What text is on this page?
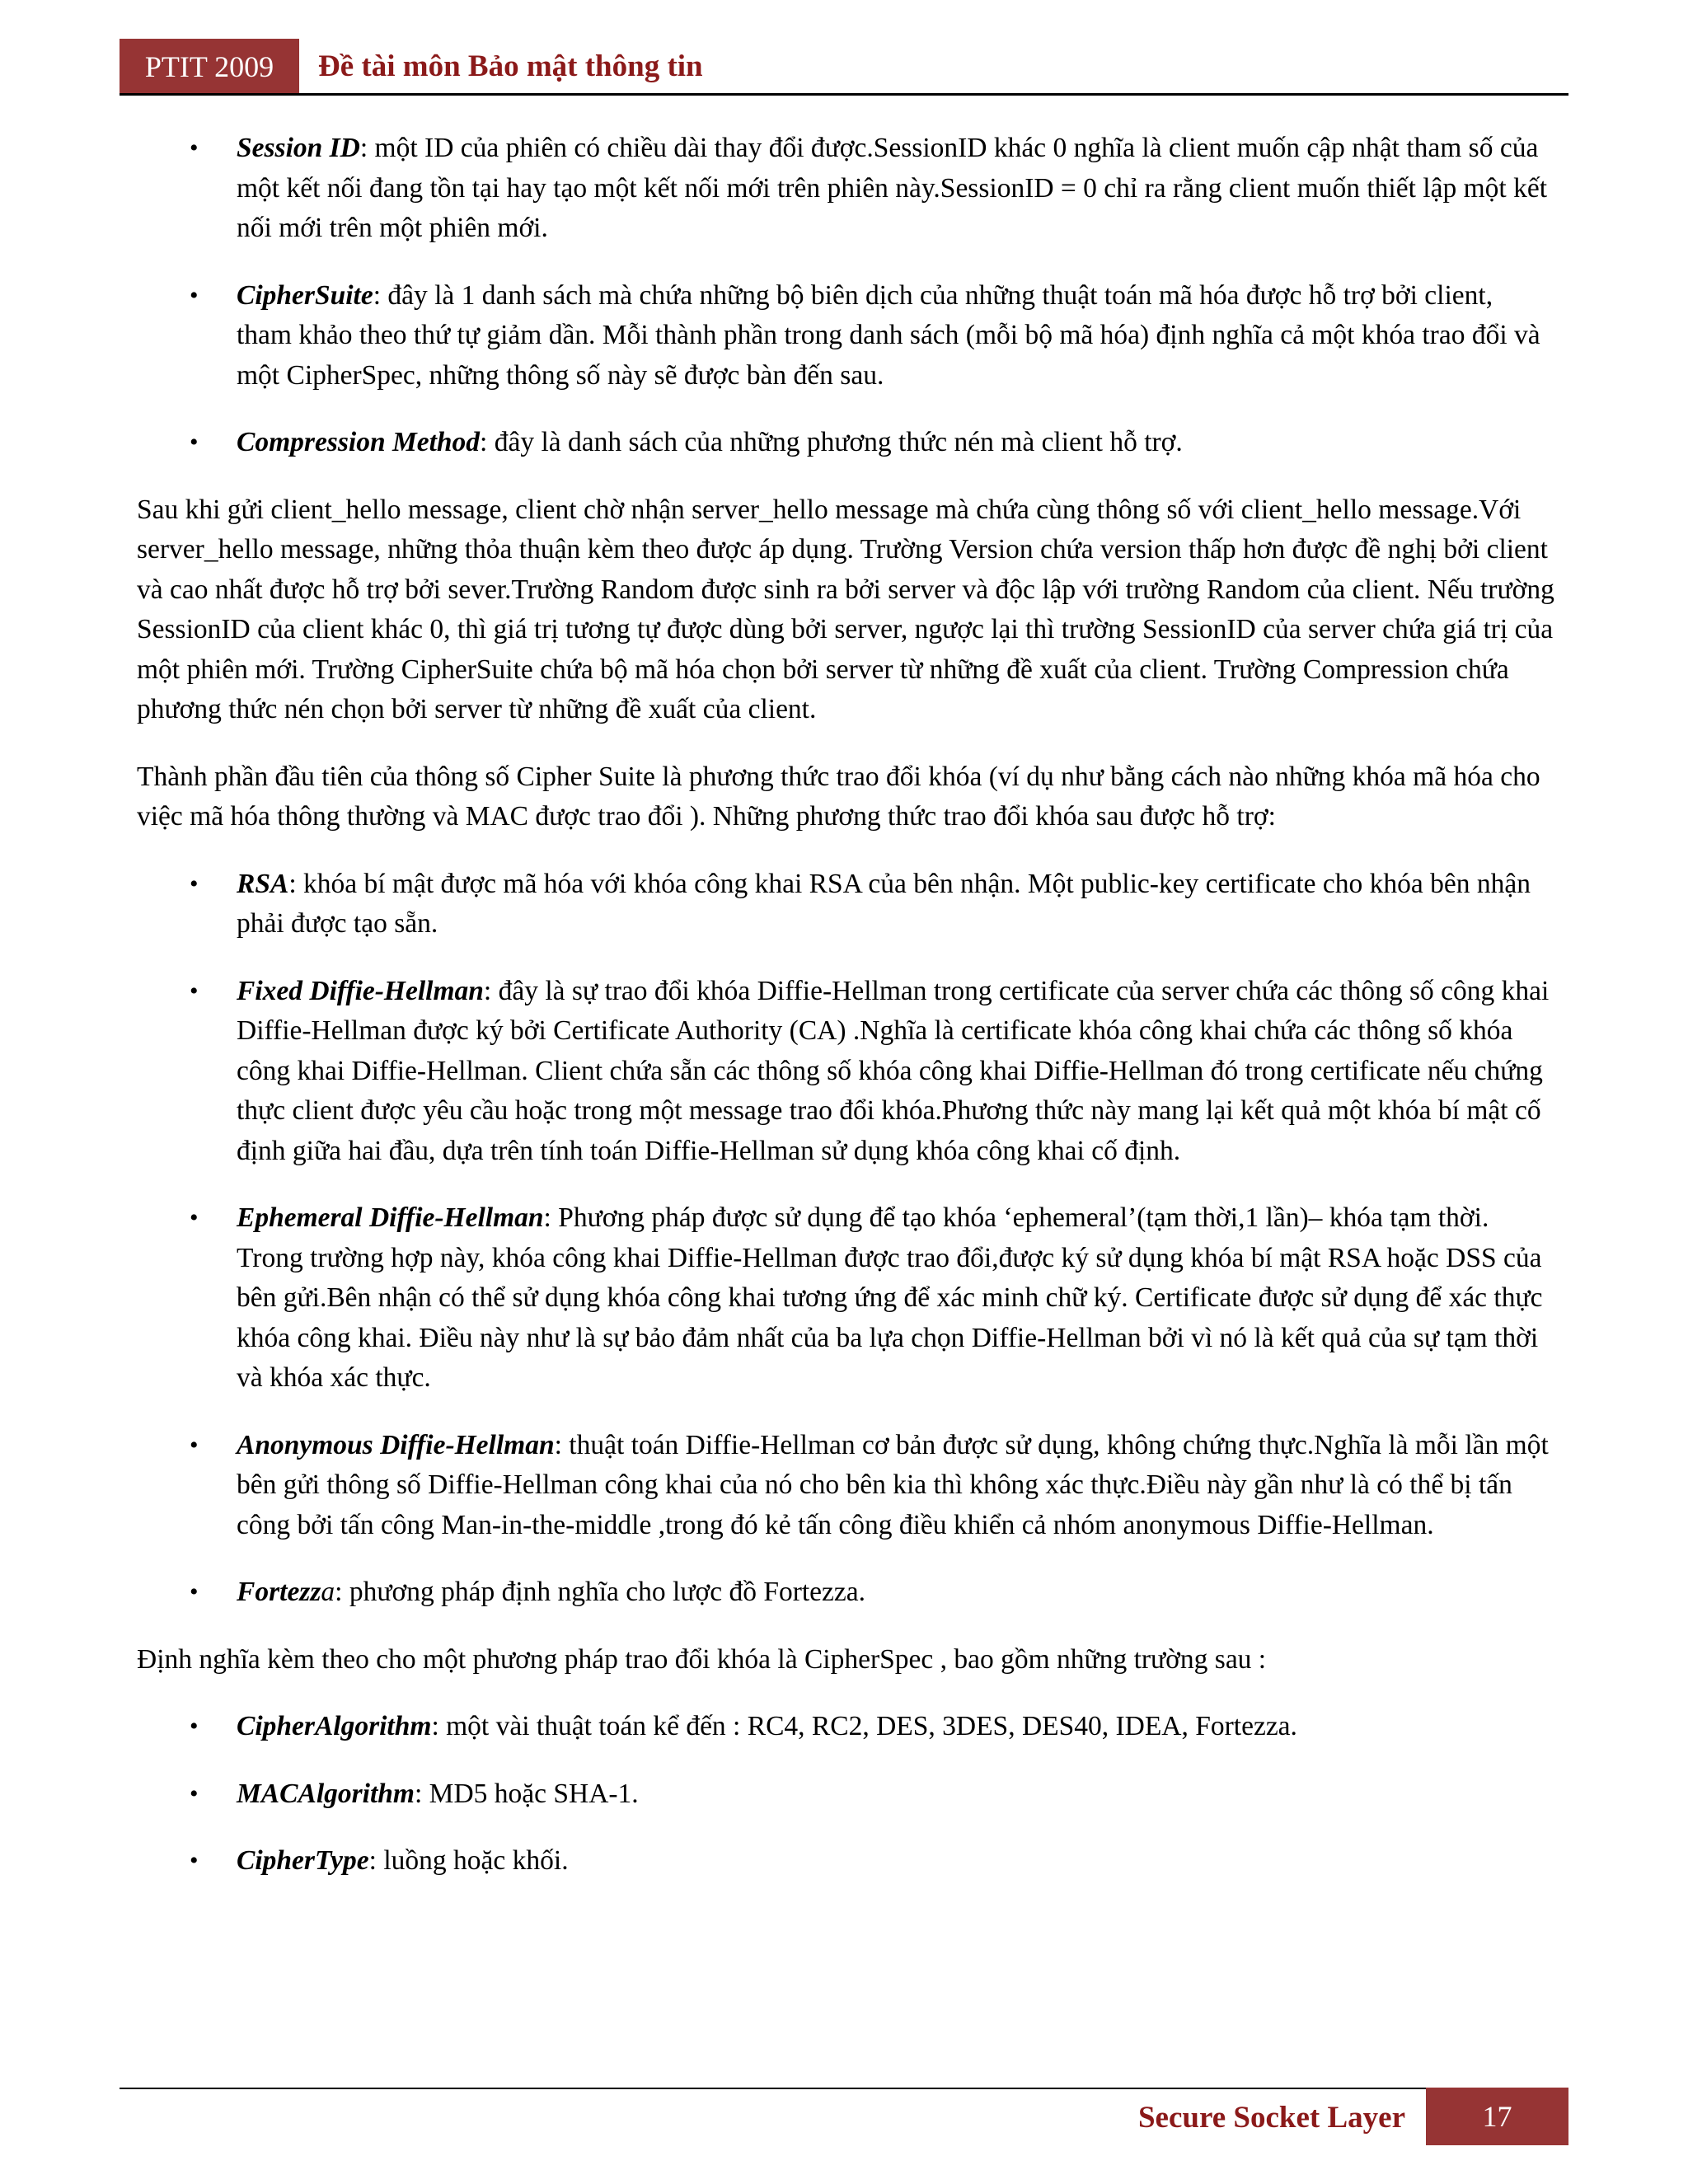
PTIT 2009 Đề tài môn Bảo mật thông tin
• Session ID: một ID của phiên có chiều dài thay đổi được.SessionID khác 0 nghĩa là client muốn cập nhật tham số của một kết nối đang tồn tại hay tạo một kết nối mới trên phiên này.SessionID = 0 chỉ ra rằng client muốn thiết lập một kết nối mới trên một phiên mới.
• CipherSuite: đây là 1 danh sách mà chứa những bộ biên dịch của những thuật toán mã hóa được hỗ trợ bởi client, tham khảo theo thứ tự giảm dần. Mỗi thành phần trong danh sách (mỗi bộ mã hóa) định nghĩa cả một khóa trao đổi và một CipherSpec, những thông số này sẽ được bàn đến sau.
• Compression Method: đây là danh sách của những phương thức nén mà client hỗ trợ.

Sau khi gửi client_hello message, client chờ nhận server_hello message mà chứa cùng thông số với client_hello message.Với server_hello message, những thỏa thuận kèm theo được áp dụng. Trường Version chứa version thấp hơn được đề nghị bởi client và cao nhất được hỗ trợ bởi sever.Trường Random được sinh ra bởi server và độc lập với trường Random của client. Nếu trường SessionID của client khác 0, thì giá trị tương tự được dùng bởi server, ngược lại thì trường SessionID của server chứa giá trị của một phiên mới. Trường CipherSuite chứa bộ mã hóa chọn bởi server từ những đề xuất của client. Trường Compression chứa phương thức nén chọn bởi server từ những đề xuất của client.

Thành phần đầu tiên của thông số Cipher Suite là phương thức trao đổi khóa (ví dụ như bằng cách nào những khóa mã hóa cho việc mã hóa thông thường và MAC được trao đổi ). Những phương thức trao đổi khóa sau được hỗ trợ:

• RSA: khóa bí mật được mã hóa với khóa công khai RSA của bên nhận. Một public-key certificate cho khóa bên nhận phải được tạo sẵn.
• Fixed Diffie-Hellman: đây là sự trao đổi khóa Diffie-Hellman trong certificate của server chứa các thông số công khai Diffie-Hellman được ký bởi Certificate Authority (CA) .Nghĩa là certificate khóa công khai chứa các thông số khóa công khai Diffie-Hellman. Client chứa sẵn các thông số khóa công khai Diffie-Hellman đó trong certificate nếu chứng thực client được yêu cầu hoặc trong một message trao đổi khóa.Phương thức này mang lại kết quả một khóa bí mật cố định giữa hai đầu, dựa trên tính toán Diffie-Hellman sử dụng khóa công khai cố định.
• Ephemeral Diffie-Hellman: Phương pháp được sử dụng để tạo khóa ‘ephemeral’(tạm thời,1 lần)– khóa tạm thời. Trong trường hợp này, khóa công khai Diffie-Hellman được trao đổi,được ký sử dụng khóa bí mật RSA hoặc DSS của bên gửi.Bên nhận có thể sử dụng khóa công khai tương ứng để xác minh chữ ký. Certificate được sử dụng để xác thực khóa công khai. Điều này như là sự bảo đảm nhất của ba lựa chọn Diffie-Hellman bởi vì nó là kết quả của sự tạm thời và khóa xác thực.
• Anonymous Diffie-Hellman: thuật toán Diffie-Hellman cơ bản được sử dụng, không chứng thực.Nghĩa là mỗi lần một bên gửi thông số Diffie-Hellman công khai của nó cho bên kia thì không xác thực.Điều này gần như là có thể bị tấn công bởi tấn công Man-in-the-middle ,trong đó kẻ tấn công điều khiển cả nhóm anonymous Diffie-Hellman.
• Fortezza: phương pháp định nghĩa cho lược đồ Fortezza.

Định nghĩa kèm theo cho một phương pháp trao đổi khóa là CipherSpec , bao gồm những trường sau :

• CipherAlgorithm: một vài thuật toán kể đến : RC4, RC2, DES, 3DES, DES40, IDEA, Fortezza.
• MACAlgorithm: MD5 hoặc SHA-1.
• CipherType: luồng hoặc khối.
Secure Socket Layer	17
